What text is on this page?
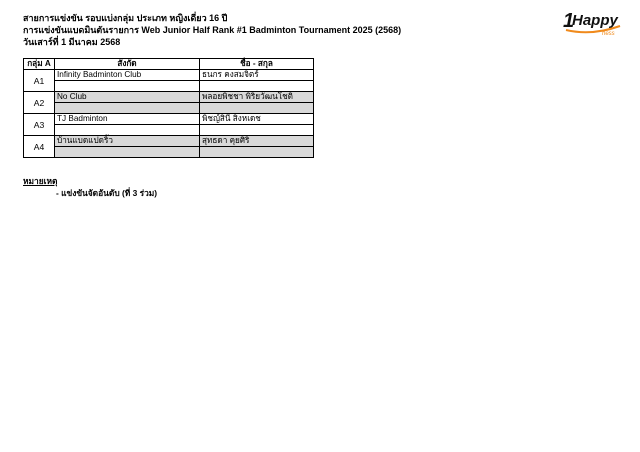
สายการแข่งขัน รอบแบ่งกลุ่ม ประเภท หญิงเดี่ยว 16 ปี
การแข่งขันแบดมินตันรายการ Web Junior Half Rank #1 Badminton Tournament 2025 (2568)
วันเสาร์ที่ 1 มีนาคม 2568
1
Happy
ness
กลุ่ม A	สังกัด	ชื่อ - สกุล
A1	Infinity Badminton Club	ธนกร คงสมจิตร์

A2	No Club	พลอยพิชชา พิริยวัฒนโชติ

A3	TJ Badminton	พิชญ์สินี สิงหเดช

A4	บ้านแบดแปดริ้ว	สุทธดา คุยศิริ

หมายเหตุ
- แข่งขันจัดอันดับ (ที่ 3 ร่วม)
